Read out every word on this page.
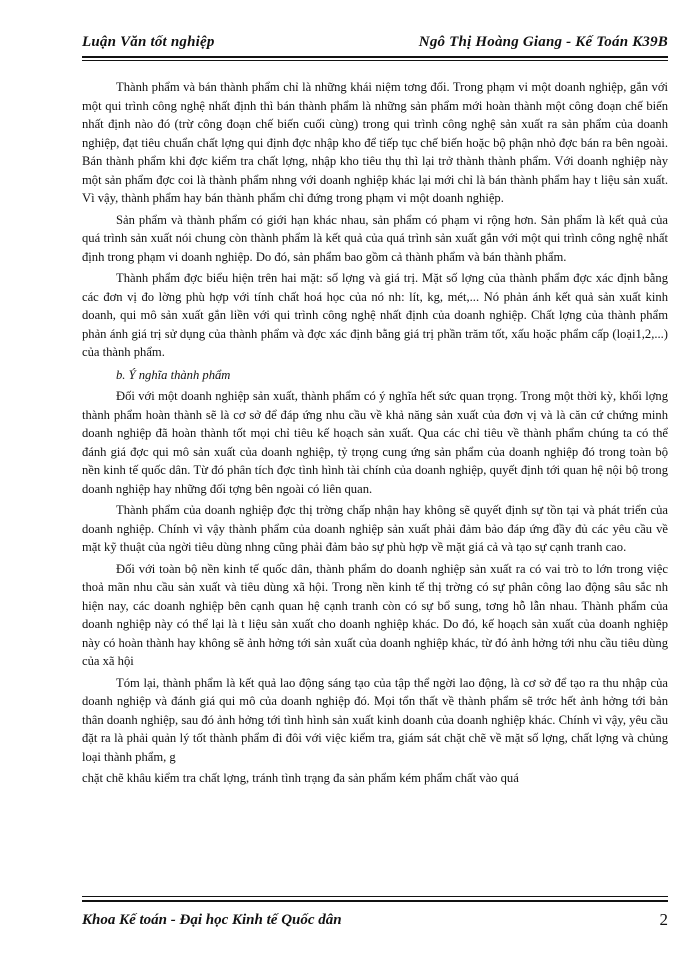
Luận Văn tốt nghiệp	Ngô Thị Hoàng Giang - Kế Toán K39B

Thành phẩm và bán thành phẩm chỉ là những khái niệm tơng đối. Trong phạm vi một doanh nghiệp, gắn với một qui trình công nghệ nhất định thì bán thành phẩm là những sản phẩm mới hoàn thành một công đoạn chế biến nhất định nào đó (trừ công đoạn chế biến cuối cùng) trong qui trình công nghệ sản xuất ra sản phẩm của doanh nghiệp, đạt tiêu chuẩn chất lợng qui định đợc nhập kho để tiếp tục chế biến hoặc bộ phận nhỏ đợc bán ra bên ngoài. Bán thành phẩm khi đợc kiểm tra chất lợng, nhập kho tiêu thụ thì lại trở thành thành phẩm. Với doanh nghiệp này một sản phẩm đợc coi là thành phẩm nhng với doanh nghiệp khác lại mới chỉ là bán thành phẩm hay t liệu sản xuất. Vì vậy, thành phẩm hay bán thành phẩm chỉ đứng trong phạm vi một doanh nghiệp.

Sản phẩm và thành phẩm có giới hạn khác nhau, sản phẩm có phạm vi rộng hơn. Sản phẩm là kết quả của quá trình sản xuất nói chung còn thành phẩm là kết quả của quá trình sản xuất gắn với một qui trình công nghệ nhất định trong phạm vi doanh nghiệp. Do đó, sản phẩm bao gồm cả thành phẩm và bán thành phẩm.

Thành phẩm đợc biểu hiện trên hai mặt: số lợng và giá trị. Mặt số lợng của thành phẩm đợc xác định bằng các đơn vị đo lờng phù hợp với tính chất hoá học của nó nh: lít, kg, mét,... Nó phản ánh kết quả sản xuất kinh doanh, qui mô sản xuất gắn liền với qui trình công nghệ nhất định của doanh nghiệp. Chất lợng của thành phẩm phản ánh giá trị sử dụng của thành phẩm và đợc xác định bằng giá trị phần trăm tốt, xấu hoặc phẩm cấp (loại1,2,...) của thành phẩm.

b. Ý nghĩa thành phẩm

Đối với một doanh nghiệp sản xuất, thành phẩm có ý nghĩa hết sức quan trọng. Trong một thời kỳ, khối lợng thành phẩm hoàn thành sẽ là cơ sở để đáp ứng nhu cầu về khả năng sản xuất của đơn vị và là căn cứ chứng minh doanh nghiệp đã hoàn thành tốt mọi chỉ tiêu kế hoạch sản xuất. Qua các chỉ tiêu về thành phẩm chúng ta có thể đánh giá đợc qui mô sản xuất của doanh nghiệp, tỷ trọng cung ứng sản phẩm của doanh nghiệp đó trong toàn bộ nền kinh tế quốc dân. Từ đó phân tích đợc tình hình tài chính của doanh nghiệp, quyết định tới quan hệ nội bộ trong doanh nghiệp hay những đối tợng bên ngoài có liên quan.

Thành phẩm của doanh nghiệp đợc thị trờng chấp nhận hay không sẽ quyết định sự tồn tại và phát triển của doanh nghiệp. Chính vì vậy thành phẩm của doanh nghiệp sản xuất phải đảm bảo đáp ứng đầy đủ các yêu cầu về mặt kỹ thuật của ngời tiêu dùng nhng cũng phải đảm bảo sự phù hợp về mặt giá cả và tạo sự cạnh tranh cao.

Đối với toàn bộ nền kinh tế quốc dân, thành phẩm do doanh nghiệp sản xuất ra có vai trò to lớn trong việc thoả mãn nhu cầu sản xuất và tiêu dùng xã hội. Trong nền kinh tế thị trờng có sự phân công lao động sâu sắc nh hiện nay, các doanh nghiệp bên cạnh quan hệ cạnh tranh còn có sự bổ sung, tơng hỗ lẫn nhau. Thành phẩm của doanh nghiệp này có thể lại là t liệu sản xuất cho doanh nghiệp khác. Do đó, kế hoạch sản xuất của doanh nghiệp này có hoàn thành hay không sẽ ảnh hởng tới sản xuất của doanh nghiệp khác, từ đó ảnh hởng tới nhu cầu tiêu dùng của xã hội

Tóm lại, thành phẩm là kết quả lao động sáng tạo của tập thể ngời lao động, là cơ sở để tạo ra thu nhập của doanh nghiệp và đánh giá qui mô của doanh nghiệp đó. Mọi tổn thất về thành phẩm sẽ trớc hết ảnh hởng tới bản thân doanh nghiệp, sau đó ảnh hởng tới tình hình sản xuất kinh doanh của doanh nghiệp khác. Chính vì vậy, yêu cầu đặt ra là phải quản lý tốt thành phẩm đi đôi với việc kiểm tra, giám sát chặt chẽ về mặt số lợng, chất lợng và chủng loại thành phẩm, g

chặt chẽ khâu kiểm tra chất lợng, tránh tình trạng đa sản phẩm kém phẩm chất vào quá

Khoa Kế toán - Đại học Kinh tế Quốc dân	2
